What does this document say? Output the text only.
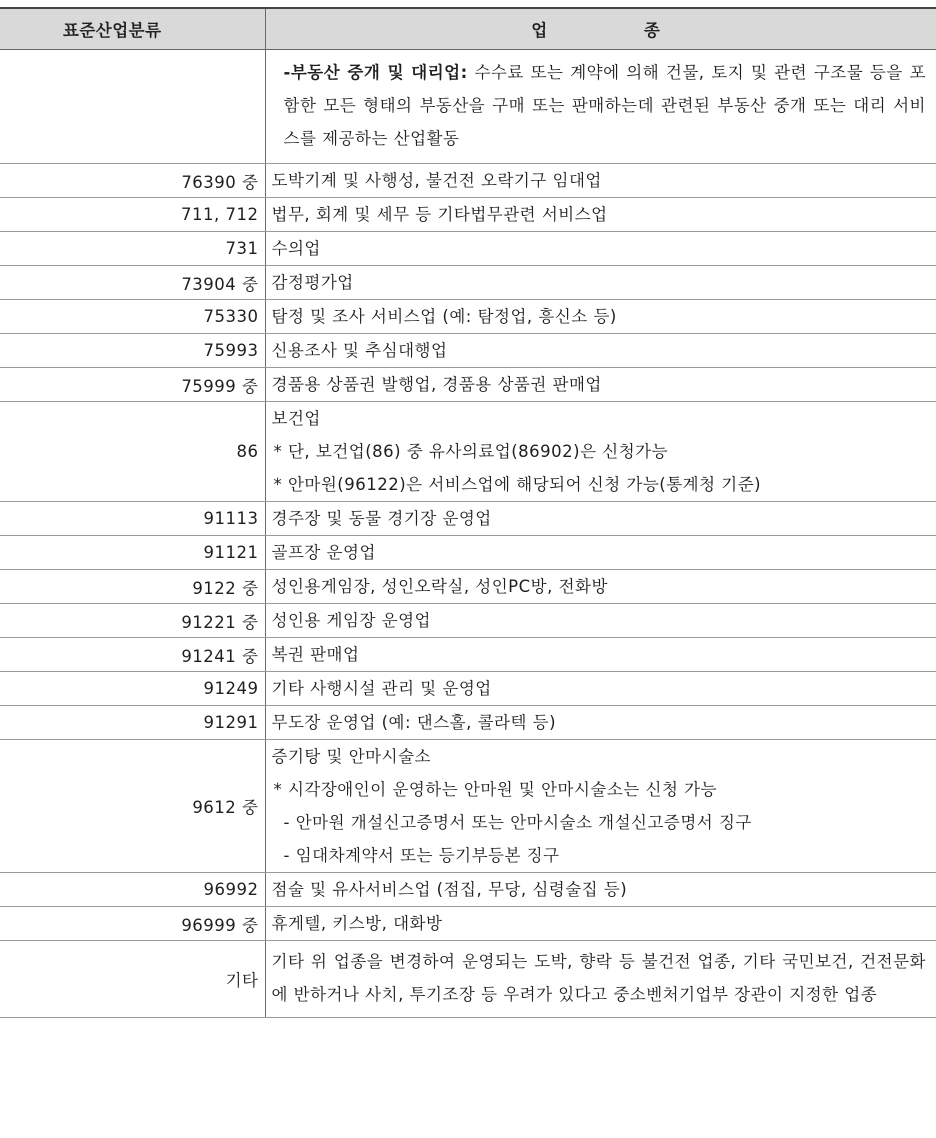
표준산업분류	업 종

	-부동산 중개 및 대리업: 수수료 또는 계약에 의해 건물, 토지 및 관련 구조물 등을 포함한 모든 형태의 부동산을 구매 또는 판매하는데 관련된 부동산 중개 또는 대리 서비스를 제공하는 산업활동

76390 중	도박기계 및 사행성, 불건전 오락기구 임대업

711, 712	법무, 회계 및 세무 등 기타법무관련 서비스업

731	수의업

73904 중	감정평가업

75330	탐정 및 조사 서비스업 (예: 탐정업, 흥신소 등)

75993	신용조사 및 추심대행업

75999 중	경품용 상품권 발행업, 경품용 상품권 판매업

86	보건업
* 단, 보건업(86) 중 유사의료업(86902)은 신청가능
* 안마원(96122)은 서비스업에 해당되어 신청 가능(통계청 기준)

91113	경주장 및 동물 경기장 운영업

91121	골프장 운영업

9122 중	성인용게임장, 성인오락실, 성인PC방, 전화방

91221 중	성인용 게임장 운영업

91241 중	복권 판매업

91249	기타 사행시설 관리 및 운영업

91291	무도장 운영업 (예: 댄스홀, 콜라텍 등)

9612 중	증기탕 및 안마시술소
* 시각장애인이 운영하는 안마원 및 안마시술소는 신청 가능
- 안마원 개설신고증명서 또는 안마시술소 개설신고증명서 징구
- 임대차계약서 또는 등기부등본 징구

96992	점술 및 유사서비스업 (점집, 무당, 심령술집 등)

96999 중	휴게텔, 키스방, 대화방

기타	기타 위 업종을 변경하여 운영되는 도박, 향락 등 불건전 업종, 기타 국민보건, 건전문화에 반하거나 사치, 투기조장 등 우려가 있다고 중소벤처기업부 장관이 지정한 업종
